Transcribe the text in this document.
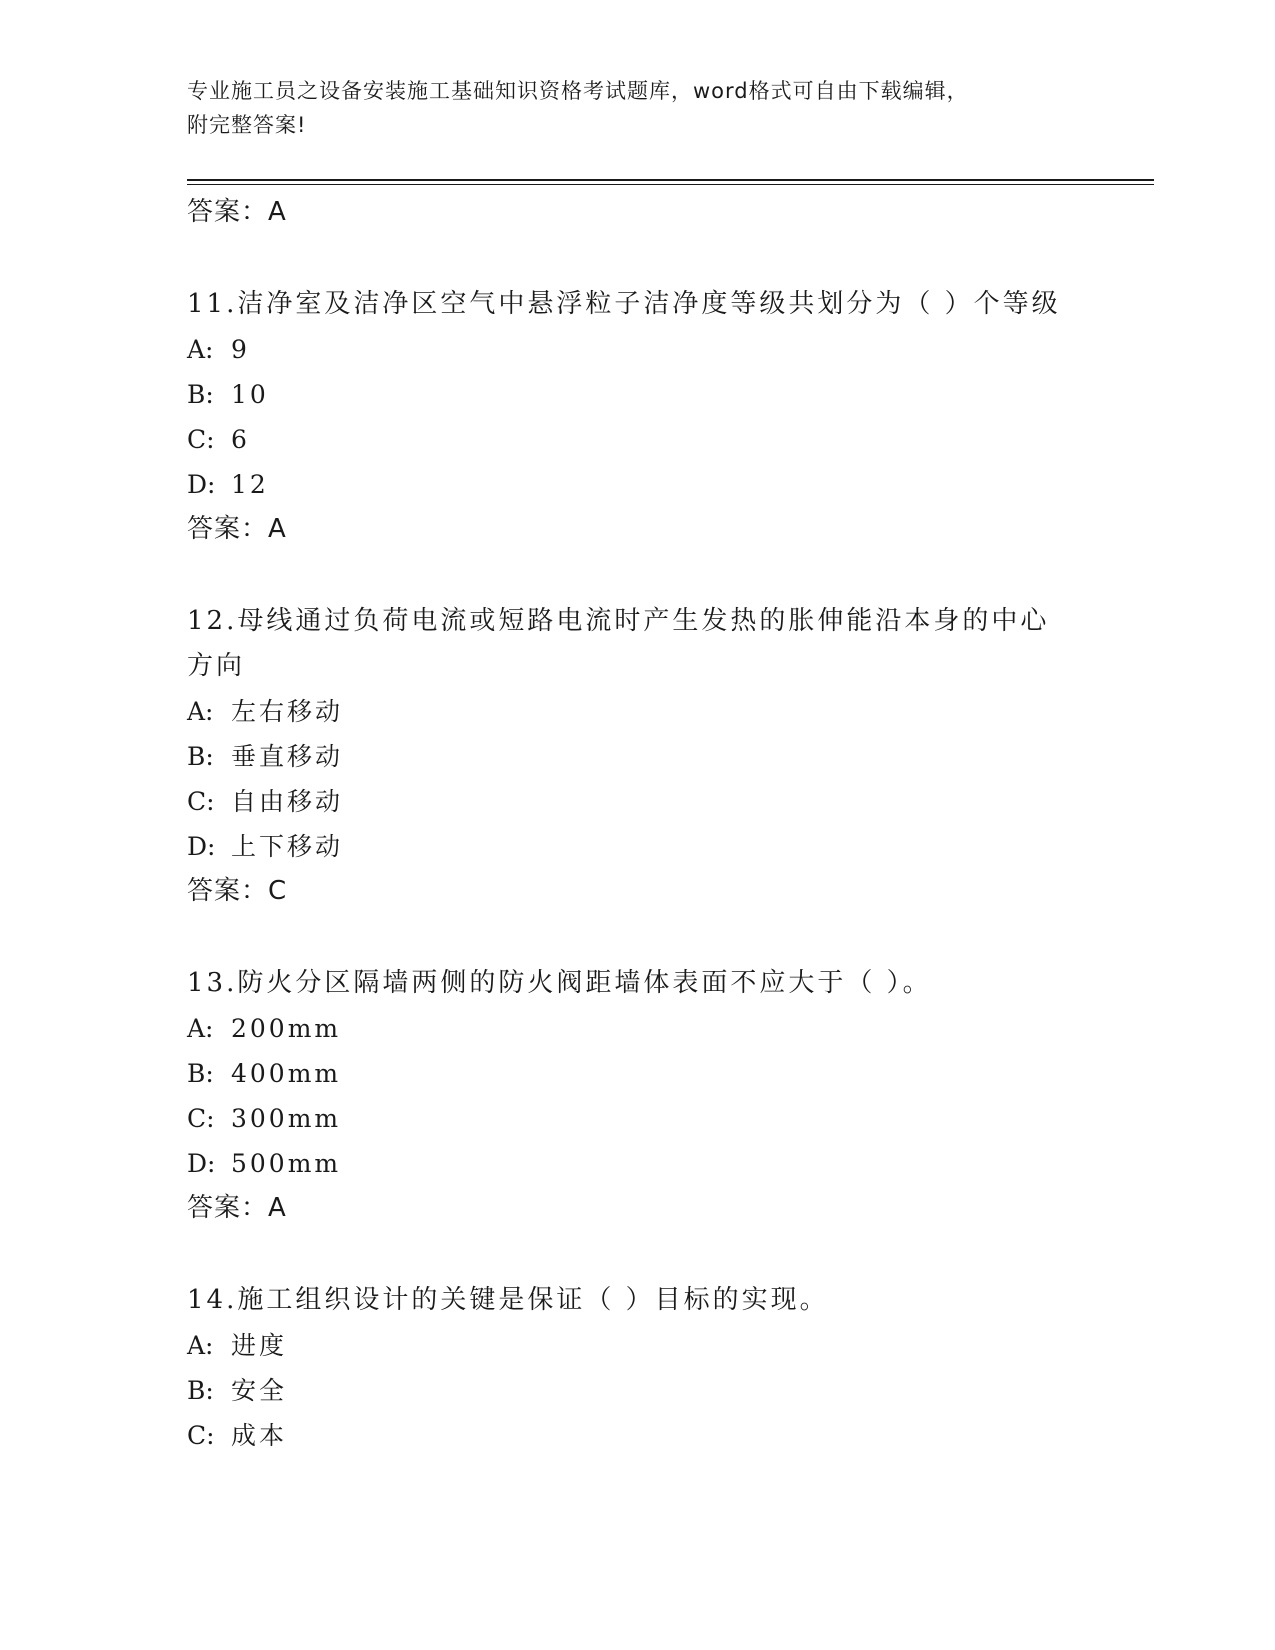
专业施工员之设备安装施工基础知识资格考试题库，word格式可自由下载编辑，
附完整答案!
答案：A
11.洁净室及洁净区空气中悬浮粒子洁净度等级共划分为（ ）个等级
A: 9
B: 10
C: 6
D: 12
答案：A
12.母线通过负荷电流或短路电流时产生发热的胀伸能沿本身的中心方向
A: 左右移动
B: 垂直移动
C: 自由移动
D: 上下移动
答案：C
13.防火分区隔墙两侧的防火阀距墙体表面不应大于（ ）。
A: 200mm
B: 400mm
C: 300mm
D: 500mm
答案：A
14.施工组织设计的关键是保证（ ）目标的实现。
A: 进度
B: 安全
C: 成本
